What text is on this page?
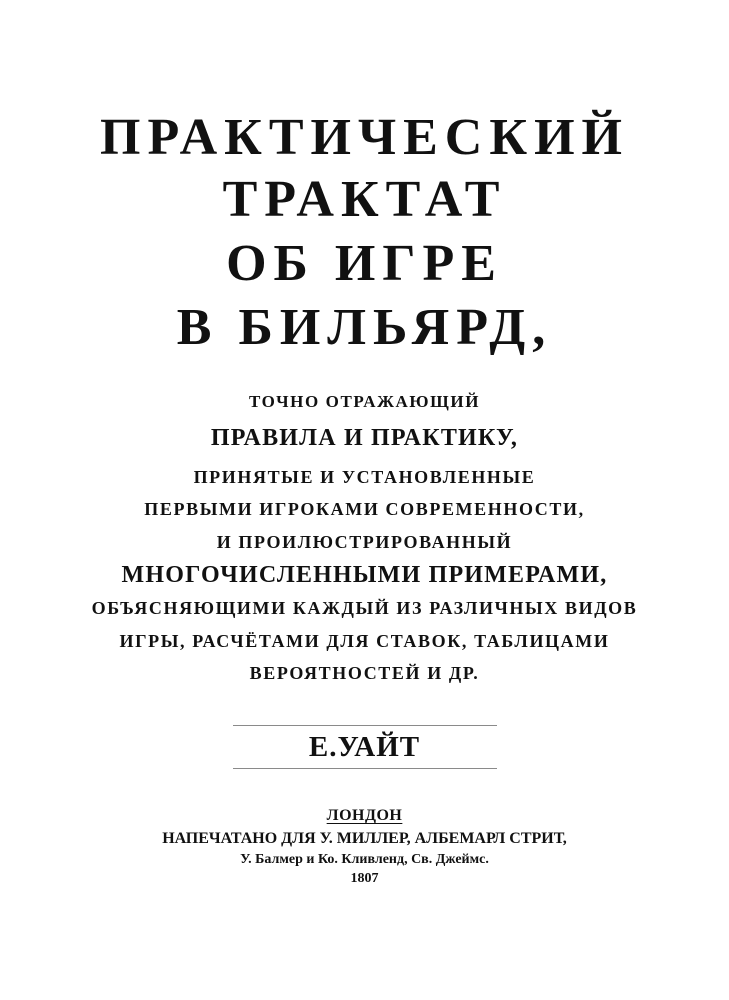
ПРАКТИЧЕСКИЙ
ТРАКТАТ
ОБ ИГРЕ
В БИЛЬЯРД,
ТОЧНО ОТРАЖАЮЩИЙ
ПРАВИЛА И ПРАКТИКУ,
ПРИНЯТЫЕ И УСТАНОВЛЕННЫЕ
ПЕРВЫМИ ИГРОКАМИ СОВРЕМЕННОСТИ,
И ПРОИЛЮСТРИРОВАННЫЙ
МНОГОЧИСЛЕННЫМИ ПРИМЕРАМИ,
ОБЪЯСНЯЮЩИМИ КАЖДЫЙ ИЗ РАЗЛИЧНЫХ ВИДОВ
ИГРЫ, РАСЧЁТАМИ ДЛЯ СТАВОК, ТАБЛИЦАМИ
ВЕРОЯТНОСТЕЙ И ДР.
Е.УАЙТ
ЛОНДОН
НАПЕЧАТАНО ДЛЯ У. МИЛЛЕР, АЛБЕМАРЛ СТРИТ,
У. Балмер и Ко. Кливленд, Св. Джеймс.
1807
